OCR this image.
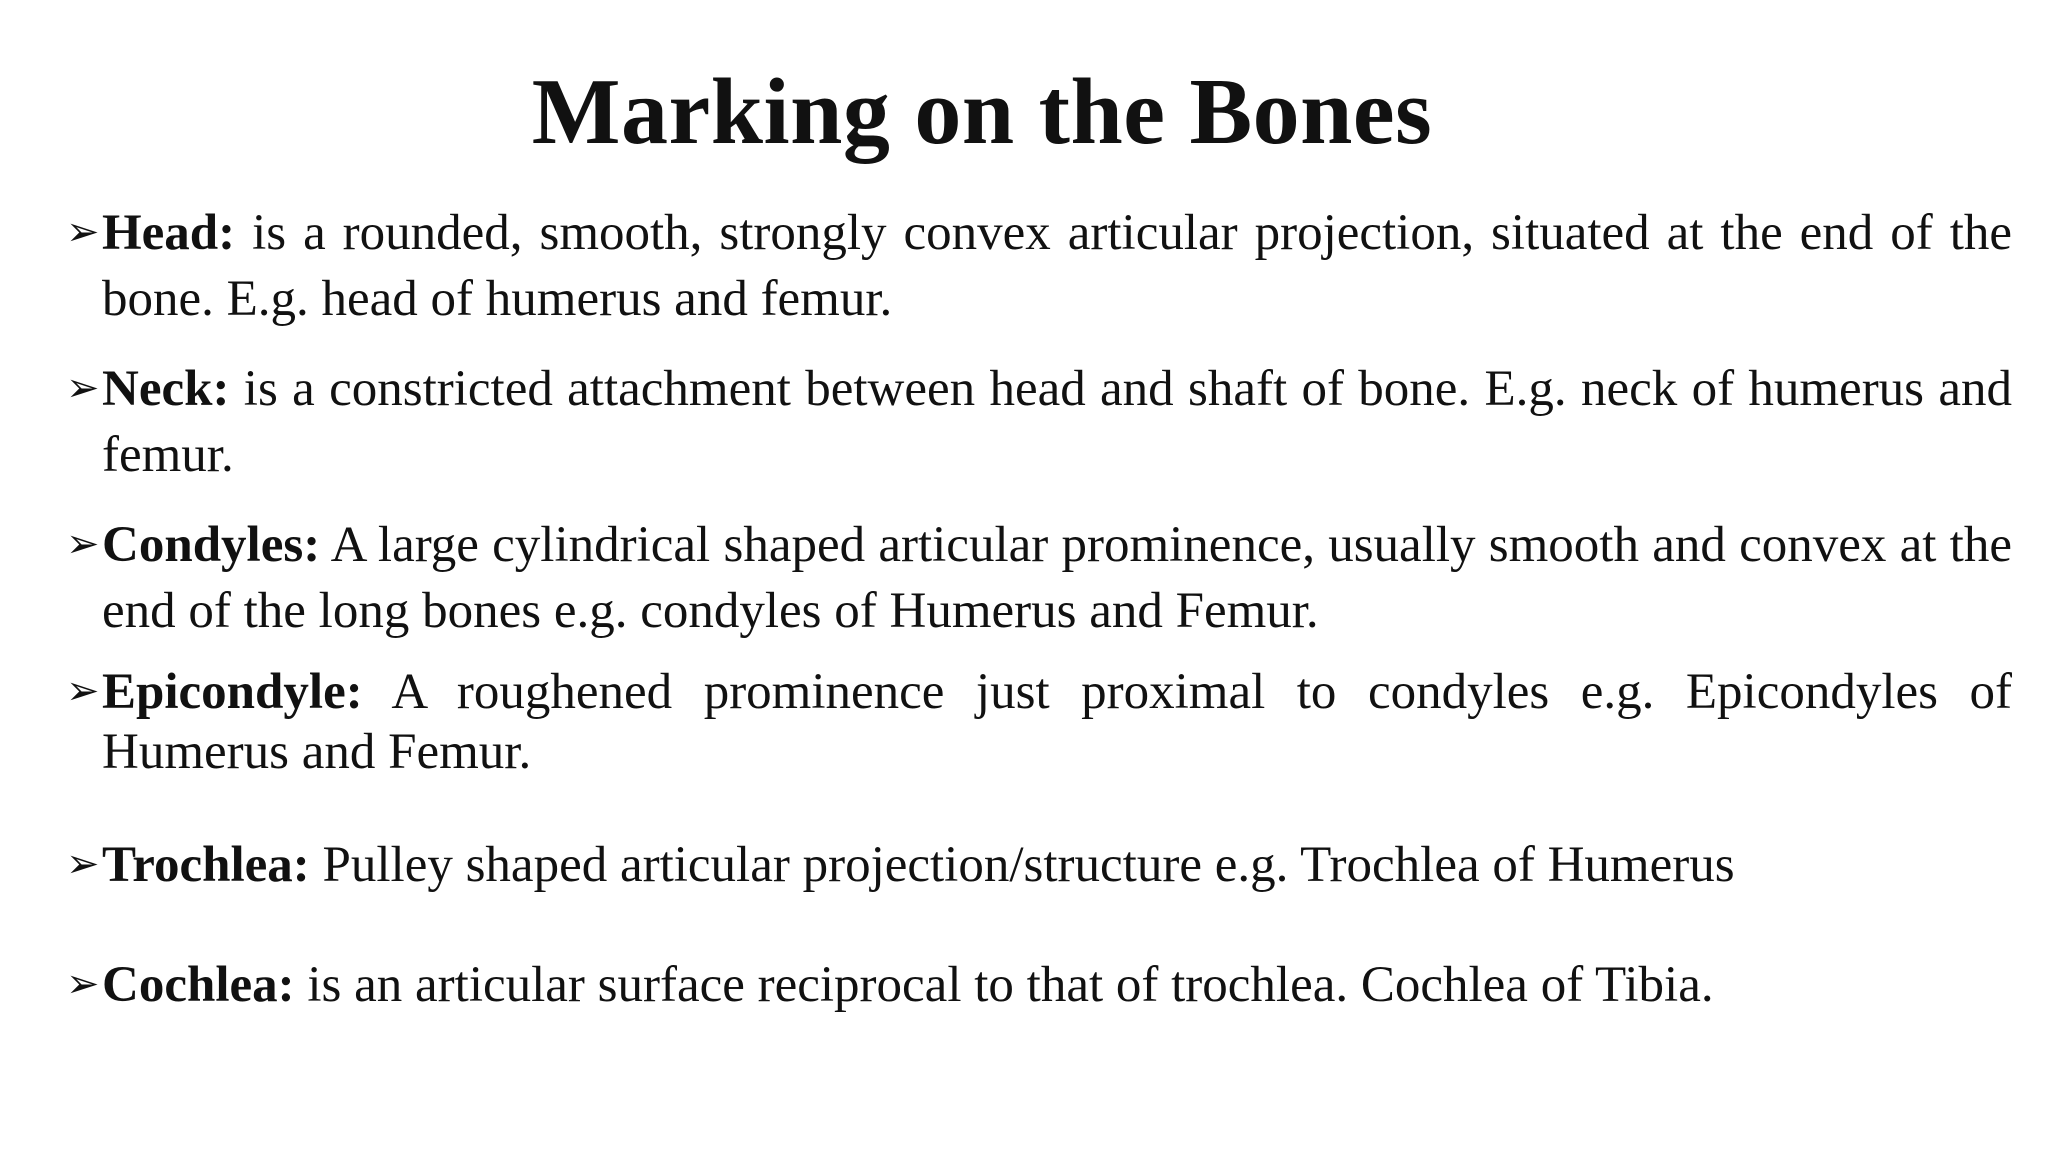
Marking on the Bones
➢Head: is a rounded, smooth, strongly convex articular projection, situated at the end of the bone. E.g. head of humerus and femur.
➢Neck: is a constricted attachment between head and shaft of bone. E.g. neck of humerus and femur.
➢Condyles: A large cylindrical shaped articular prominence, usually smooth and convex at the end of the long bones e.g. condyles of Humerus and Femur.
➢Epicondyle: A roughened prominence just proximal to condyles e.g. Epicondyles of Humerus and Femur.
➢Trochlea: Pulley shaped articular projection/structure e.g. Trochlea of Humerus
➢Cochlea: is an articular surface reciprocal to that of trochlea. Cochlea of Tibia.
